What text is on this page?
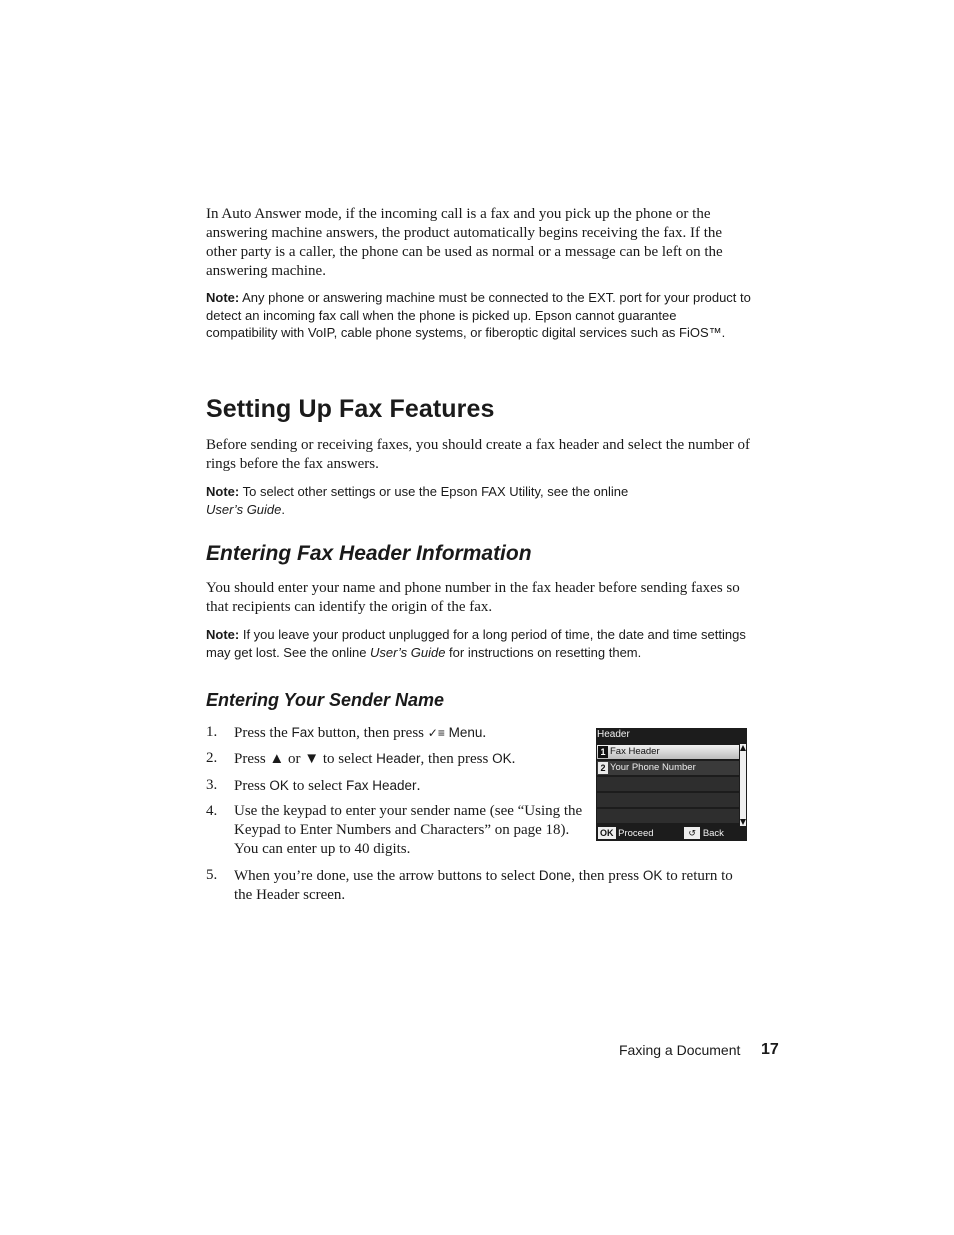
In Auto Answer mode, if the incoming call is a fax and you pick up the phone or the answering machine answers, the product automatically begins receiving the fax. If the other party is a caller, the phone can be used as normal or a message can be left on the answering machine.

Note: Any phone or answering machine must be connected to the EXT. port for your product to detect an incoming fax call when the phone is picked up. Epson cannot guarantee compatibility with VoIP, cable phone systems, or fiberoptic digital services such as FiOS™.

Setting Up Fax Features

Before sending or receiving faxes, you should create a fax header and select the number of rings before the fax answers.

Note: To select other settings or use the Epson FAX Utility, see the online
User’s Guide.

Entering Fax Header Information

You should enter your name and phone number in the fax header before sending faxes so that recipients can identify the origin of the fax.

Note: If you leave your product unplugged for a long period of time, the date and time settings may get lost. See the online User’s Guide for instructions on resetting them.

Entering Your Sender Name
1.	Press the Fax button, then press ✓≡ Menu.
2.	Press ▲ or ▼ to select Header, then press OK.
3.	Press OK to select Fax Header.
4.	Use the keypad to enter your sender name (see “Using the
Keypad to Enter Numbers and Characters” on page 18).
You can enter up to 40 digits.
5.	When you’re done, use the arrow buttons to select Done, then press OK to return to
the Header screen.
Header
1 Fax Header
2 Your Phone Number
OK Proceed	↺ Back
Faxing a Document 17
